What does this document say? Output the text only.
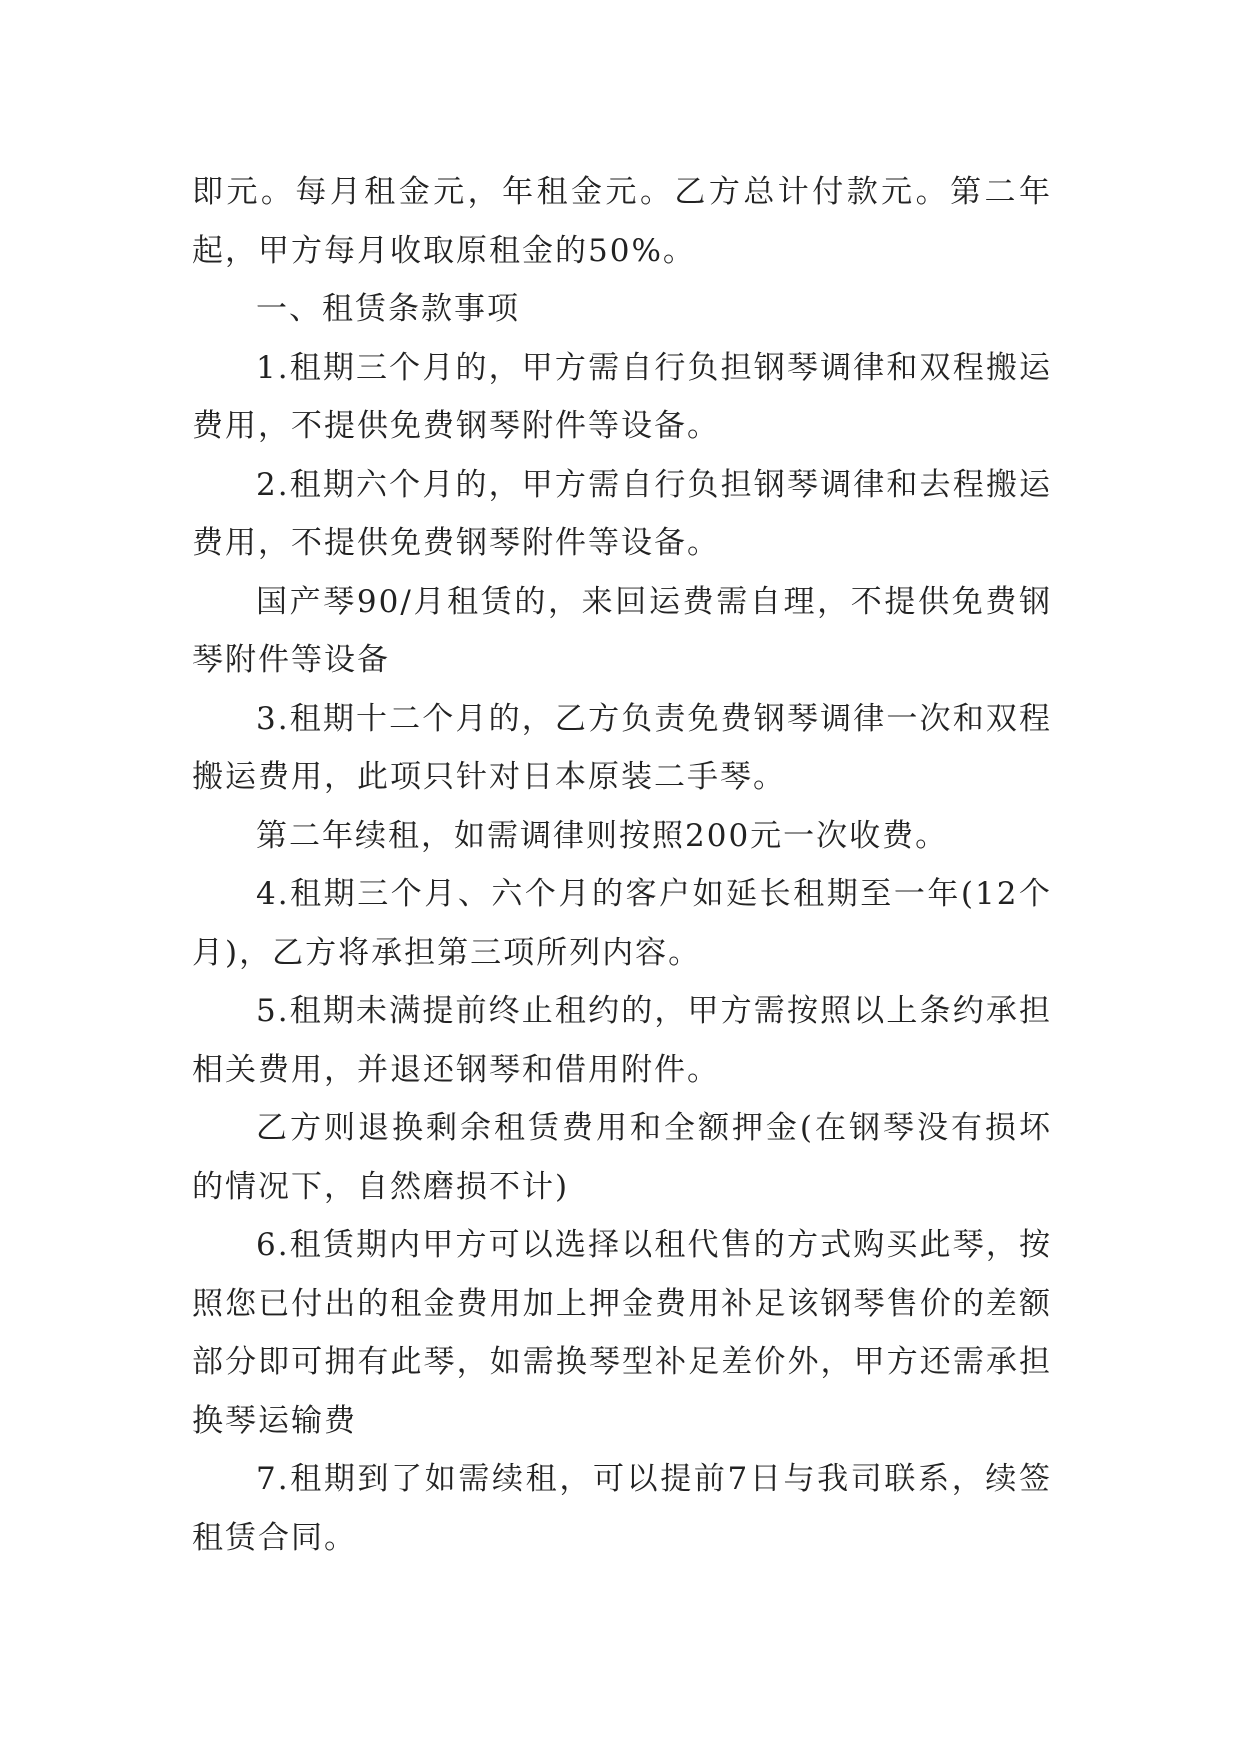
即元。每月租金元，年租金元。乙方总计付款元。第二年起，甲方每月收取原租金的50%。

一、租赁条款事项

1.租期三个月的，甲方需自行负担钢琴调律和双程搬运费用，不提供免费钢琴附件等设备。

2.租期六个月的，甲方需自行负担钢琴调律和去程搬运费用，不提供免费钢琴附件等设备。

国产琴90/月租赁的，来回运费需自理，不提供免费钢琴附件等设备

3.租期十二个月的，乙方负责免费钢琴调律一次和双程搬运费用，此项只针对日本原装二手琴。

第二年续租，如需调律则按照200元一次收费。

4.租期三个月、六个月的客户如延长租期至一年(12个月)，乙方将承担第三项所列内容。

5.租期未满提前终止租约的，甲方需按照以上条约承担相关费用，并退还钢琴和借用附件。

乙方则退换剩余租赁费用和全额押金(在钢琴没有损坏的情况下，自然磨损不计)

6.租赁期内甲方可以选择以租代售的方式购买此琴，按照您已付出的租金费用加上押金费用补足该钢琴售价的差额部分即可拥有此琴，如需换琴型补足差价外，甲方还需承担换琴运输费

7.租期到了如需续租，可以提前7日与我司联系，续签租赁合同。
